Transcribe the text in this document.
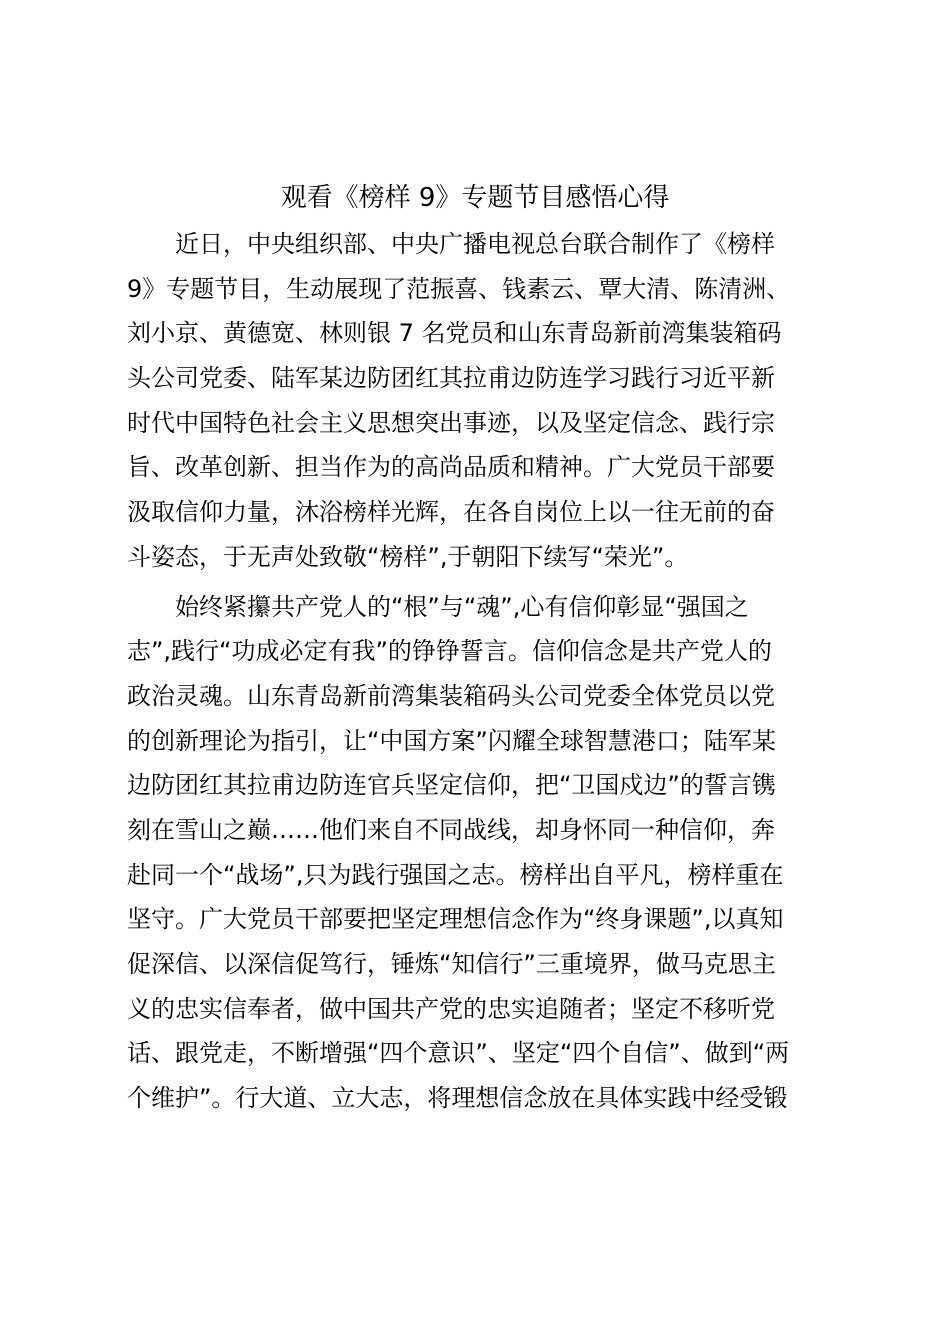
观看《榜样 9》专题节目感悟心得

近日，中央组织部、中央广播电视总台联合制作了《榜样
9》专题节目，生动展现了范振喜、钱素云、覃大清、陈清洲、
刘小京、黄德宽、林则银 7 名党员和山东青岛新前湾集装箱码
头公司党委、陆军某边防团红其拉甫边防连学习践行习近平新
时代中国特色社会主义思想突出事迹，以及坚定信念、践行宗
旨、改革创新、担当作为的高尚品质和精神。广大党员干部要
汲取信仰力量，沐浴榜样光辉，在各自岗位上以一往无前的奋
斗姿态，于无声处致敬“榜样”,于朝阳下续写“荣光”。

始终紧攥共产党人的“根”与“魂”,心有信仰彰显“强国之
志”,践行“功成必定有我”的铮铮誓言。信仰信念是共产党人的
政治灵魂。山东青岛新前湾集装箱码头公司党委全体党员以党
的创新理论为指引，让“中国方案”闪耀全球智慧港口；陆军某
边防团红其拉甫边防连官兵坚定信仰，把“卫国戍边”的誓言镌
刻在雪山之巅……他们来自不同战线，却身怀同一种信仰，奔
赴同一个“战场”,只为践行强国之志。榜样出自平凡，榜样重在
坚守。广大党员干部要把坚定理想信念作为“终身课题”,以真知
促深信、以深信促笃行，锤炼“知信行”三重境界，做马克思主
义的忠实信奉者，做中国共产党的忠实追随者；坚定不移听党
话、跟党走，不断增强“四个意识”、坚定“四个自信”、做到“两
个维护”。行大道、立大志，将理想信念放在具体实践中经受锻
